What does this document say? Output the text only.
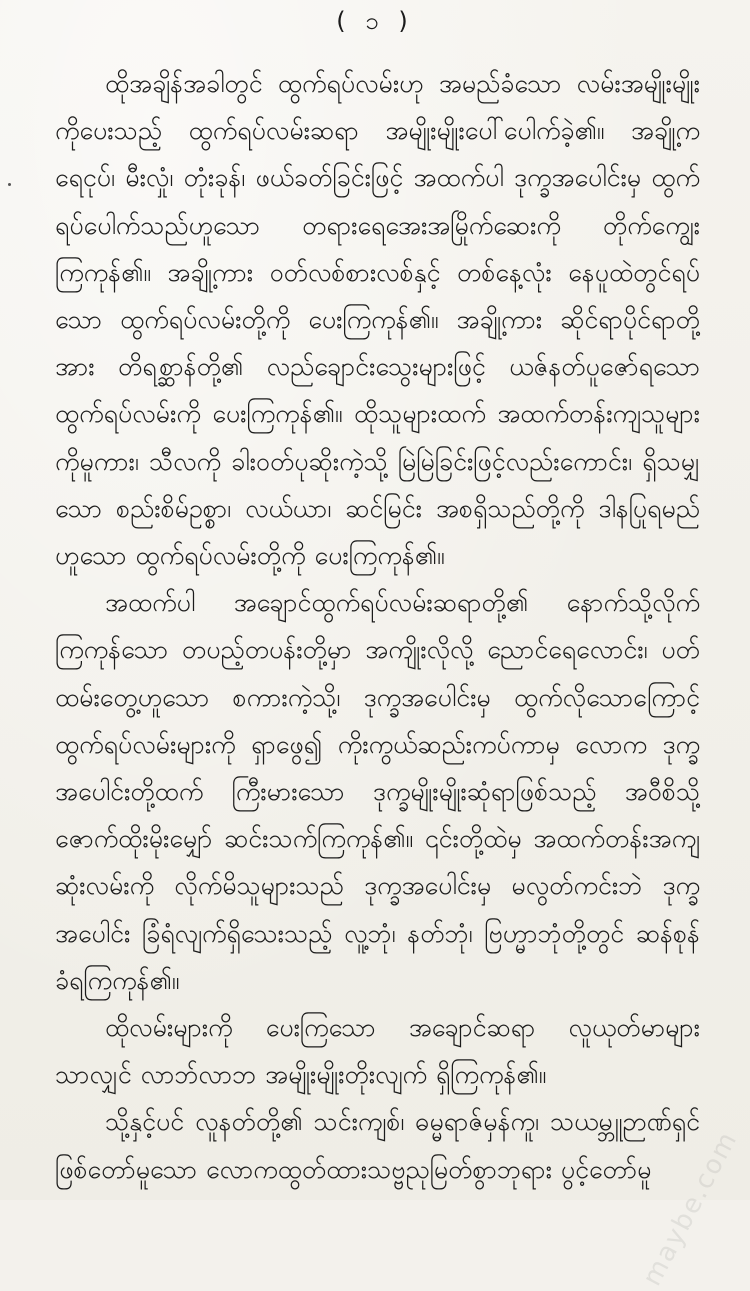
( ၁ )

ထိုအချိန်အခါတွင် ထွက်ရပ်လမ်းဟု အမည်ခံသော လမ်းအမျိုးမျိုးကိုပေးသည့် ထွက်ရပ်လမ်းဆရာ အမျိုးမျိုးပေါ်ပေါက်ခဲ့၏။ အချို့က ရေငုပ်၊ မီးလှုံ၊ တုံးခုန်၊ ဖယ်ခတ်ခြင်းဖြင့် အထက်ပါ ဒုက္ခအပေါင်းမှ ထွက်ရပ်ပေါက်သည်ဟူသော တရားရေအေးအမြိုက်ဆေးကို တိုက်ကျွေးကြကုန်၏။ အချို့ကား ဝတ်လစ်စားလစ်နှင့် တစ်နေ့လုံး နေပူထဲတွင်ရပ်သော ထွက်ရပ်လမ်းတို့ကို ပေးကြကုန်၏။ အချို့ကား ဆိုင်ရာပိုင်ရာတို့အား တိရစ္ဆာန်တို့၏ လည်ချောင်းသွေးများဖြင့် ယဇ်နတ်ပူဇော်ရသော ထွက်ရပ်လမ်းကို ပေးကြကုန်၏။ ထိုသူများထက် အထက်တန်းကျသူများကိုမူကား၊ သီလကို ခါးဝတ်ပုဆိုးကဲ့သို့ မြဲမြဲခြင်းဖြင့်လည်းကောင်း၊ ရှိသမျှသော စည်းစိမ်ဥစ္စာ၊ လယ်ယာ၊ ဆင်မြင်း အစရှိသည်တို့ကို ဒါနပြုရမည်ဟူသော ထွက်ရပ်လမ်းတို့ကို ပေးကြကုန်၏။

အထက်ပါ အချောင်ထွက်ရပ်လမ်းဆရာတို့၏ နောက်သို့လိုက်ကြကုန်သော တပည့်တပန်းတို့မှာ အကျိုးလိုလို့ ညောင်ရေလောင်း၊ ပတ်ထမ်းတွေ့ဟူသော စကားကဲ့သို့၊ ဒုက္ခအပေါင်းမှ ထွက်လိုသောကြောင့် ထွက်ရပ်လမ်းများကို ရှာဖွေ၍ ကိုးကွယ်ဆည်းကပ်ကာမှ လောက ဒုက္ခအပေါင်းတို့ထက် ကြီးမားသော ဒုက္ခမျိုးမျိုးဆုံရာဖြစ်သည့် အဝီစိသို့ ဇောက်ထိုးမိုးမျှော် ဆင်းသက်ကြကုန်၏။ ၎င်းတို့ထဲမှ အထက်တန်းအကျဆုံးလမ်းကို လိုက်မိသူများသည် ဒုက္ခအပေါင်းမှ မလွတ်ကင်းဘဲ ဒုက္ခအပေါင်း ခြံရံလျက်ရှိသေးသည့် လူ့ဘုံ၊ နတ်ဘုံ၊ ဗြဟ္မာဘုံတို့တွင် ဆန်စုန်ခံရကြကုန်၏။

ထိုလမ်းများကို ပေးကြသော အချောင်ဆရာ လူယုတ်မာများသာလျှင် လာဘ်လာဘ အမျိုးမျိုးတိုးလျက် ရှိကြကုန်၏။

သို့နှင့်ပင် လူနတ်တို့၏ သင်းကျစ်၊ ဓမ္မရာဇ်မှန်ကူ၊ သယမ္ဘူဉာဏ်ရှင်ဖြစ်တော်မူသော လောကထွတ်ထားသဗ္ဗညုမြတ်စွာဘုရား ပွင့်တော်မူ

maybe.com
